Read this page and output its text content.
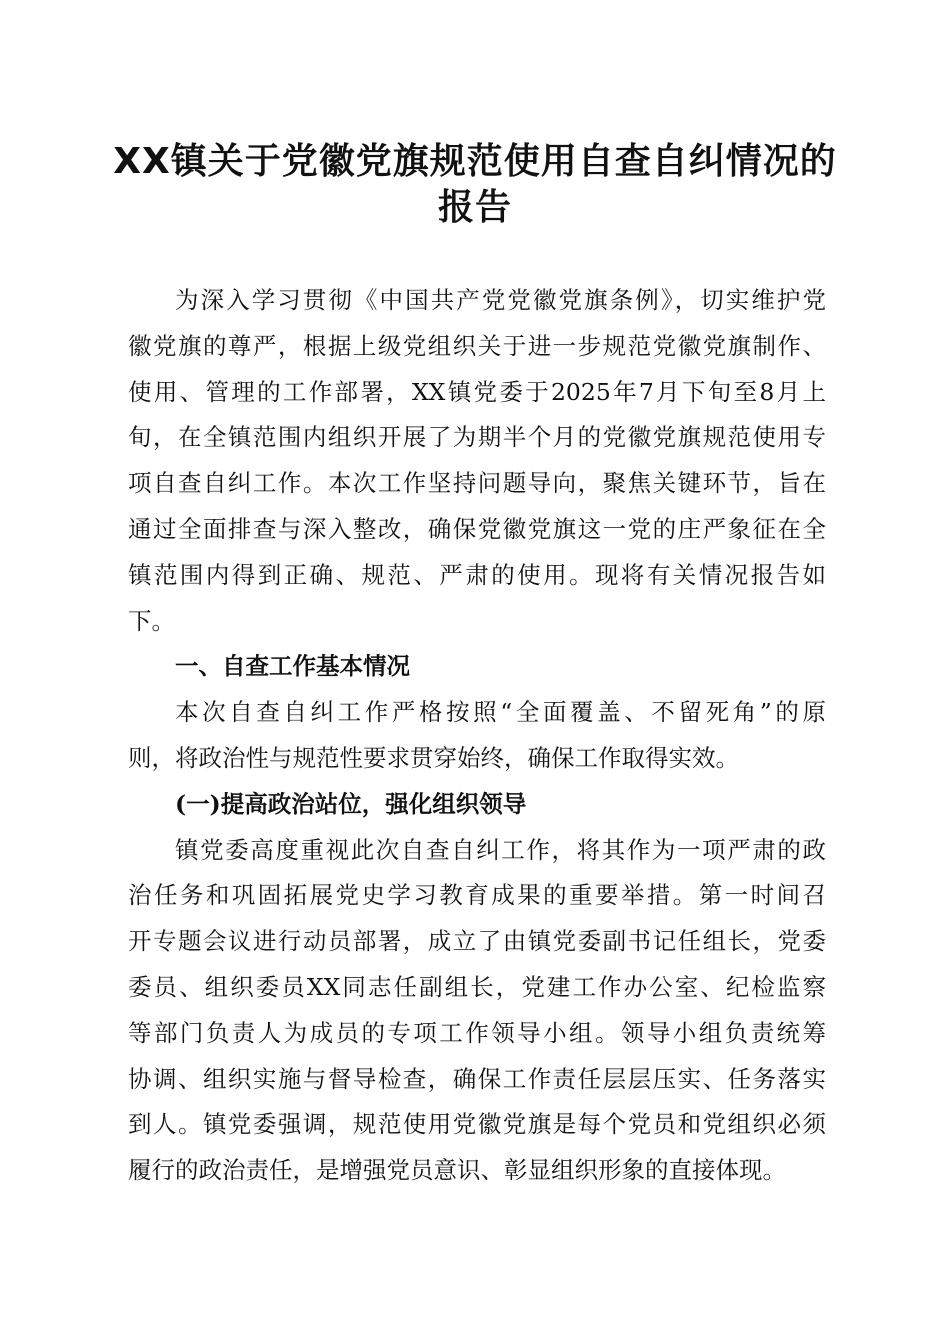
XX镇关于党徽党旗规范使用自查自纠情况的
报告
为深入学习贯彻《中国共产党党徽党旗条例》，切实维护党
徽党旗的尊严，根据上级党组织关于进一步规范党徽党旗制作、
使用、管理的工作部署，XX镇党委于2025年7月下旬至8月上
旬，在全镇范围内组织开展了为期半个月的党徽党旗规范使用专
项自查自纠工作。本次工作坚持问题导向，聚焦关键环节，旨在
通过全面排查与深入整改，确保党徽党旗这一党的庄严象征在全
镇范围内得到正确、规范、严肃的使用。现将有关情况报告如
下。
一、自查工作基本情况
本次自查自纠工作严格按照“全面覆盖、不留死角”的原
则，将政治性与规范性要求贯穿始终，确保工作取得实效。
(一)提高政治站位，强化组织领导
镇党委高度重视此次自查自纠工作，将其作为一项严肃的政
治任务和巩固拓展党史学习教育成果的重要举措。第一时间召
开专题会议进行动员部署，成立了由镇党委副书记任组长，党委
委员、组织委员XX同志任副组长，党建工作办公室、纪检监察
等部门负责人为成员的专项工作领导小组。领导小组负责统筹
协调、组织实施与督导检查，确保工作责任层层压实、任务落实
到人。镇党委强调，规范使用党徽党旗是每个党员和党组织必须
履行的政治责任，是增强党员意识、彰显组织形象的直接体现。
